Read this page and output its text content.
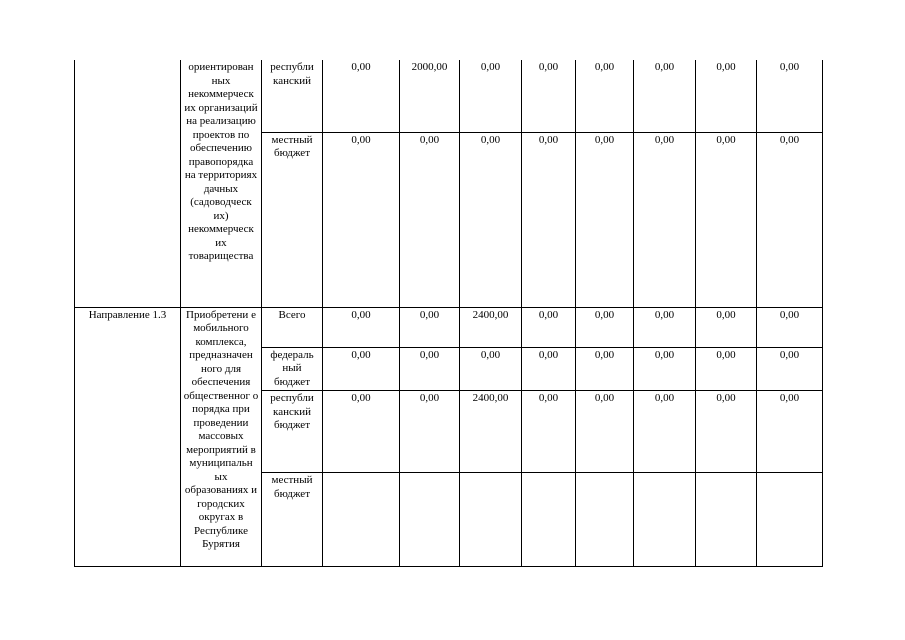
	ориентирован ных некоммерческ их организаций на реализацию проектов по обеспечению правопорядка на территориях дачных (садоводческ их) некоммерческ их товарищества	республи канский	0,00	2000,00	0,00	0,00	0,00	0,00	0,00	0,00
		местный бюджет	0,00	0,00	0,00	0,00	0,00	0,00	0,00	0,00
Направление 1.3	Приобретени е мобильного комплекса, предназначен ного для обеспечения общественног о порядка при проведении массовых мероприятий в муниципальн ых образованиях и городских округах в Республике Бурятия	Всего	0,00	0,00	2400,00	0,00	0,00	0,00	0,00	0,00
		федераль ный бюджет	0,00	0,00	0,00	0,00	0,00	0,00	0,00	0,00
		республи канский бюджет	0,00	0,00	2400,00	0,00	0,00	0,00	0,00	0,00
		местный бюджет								
